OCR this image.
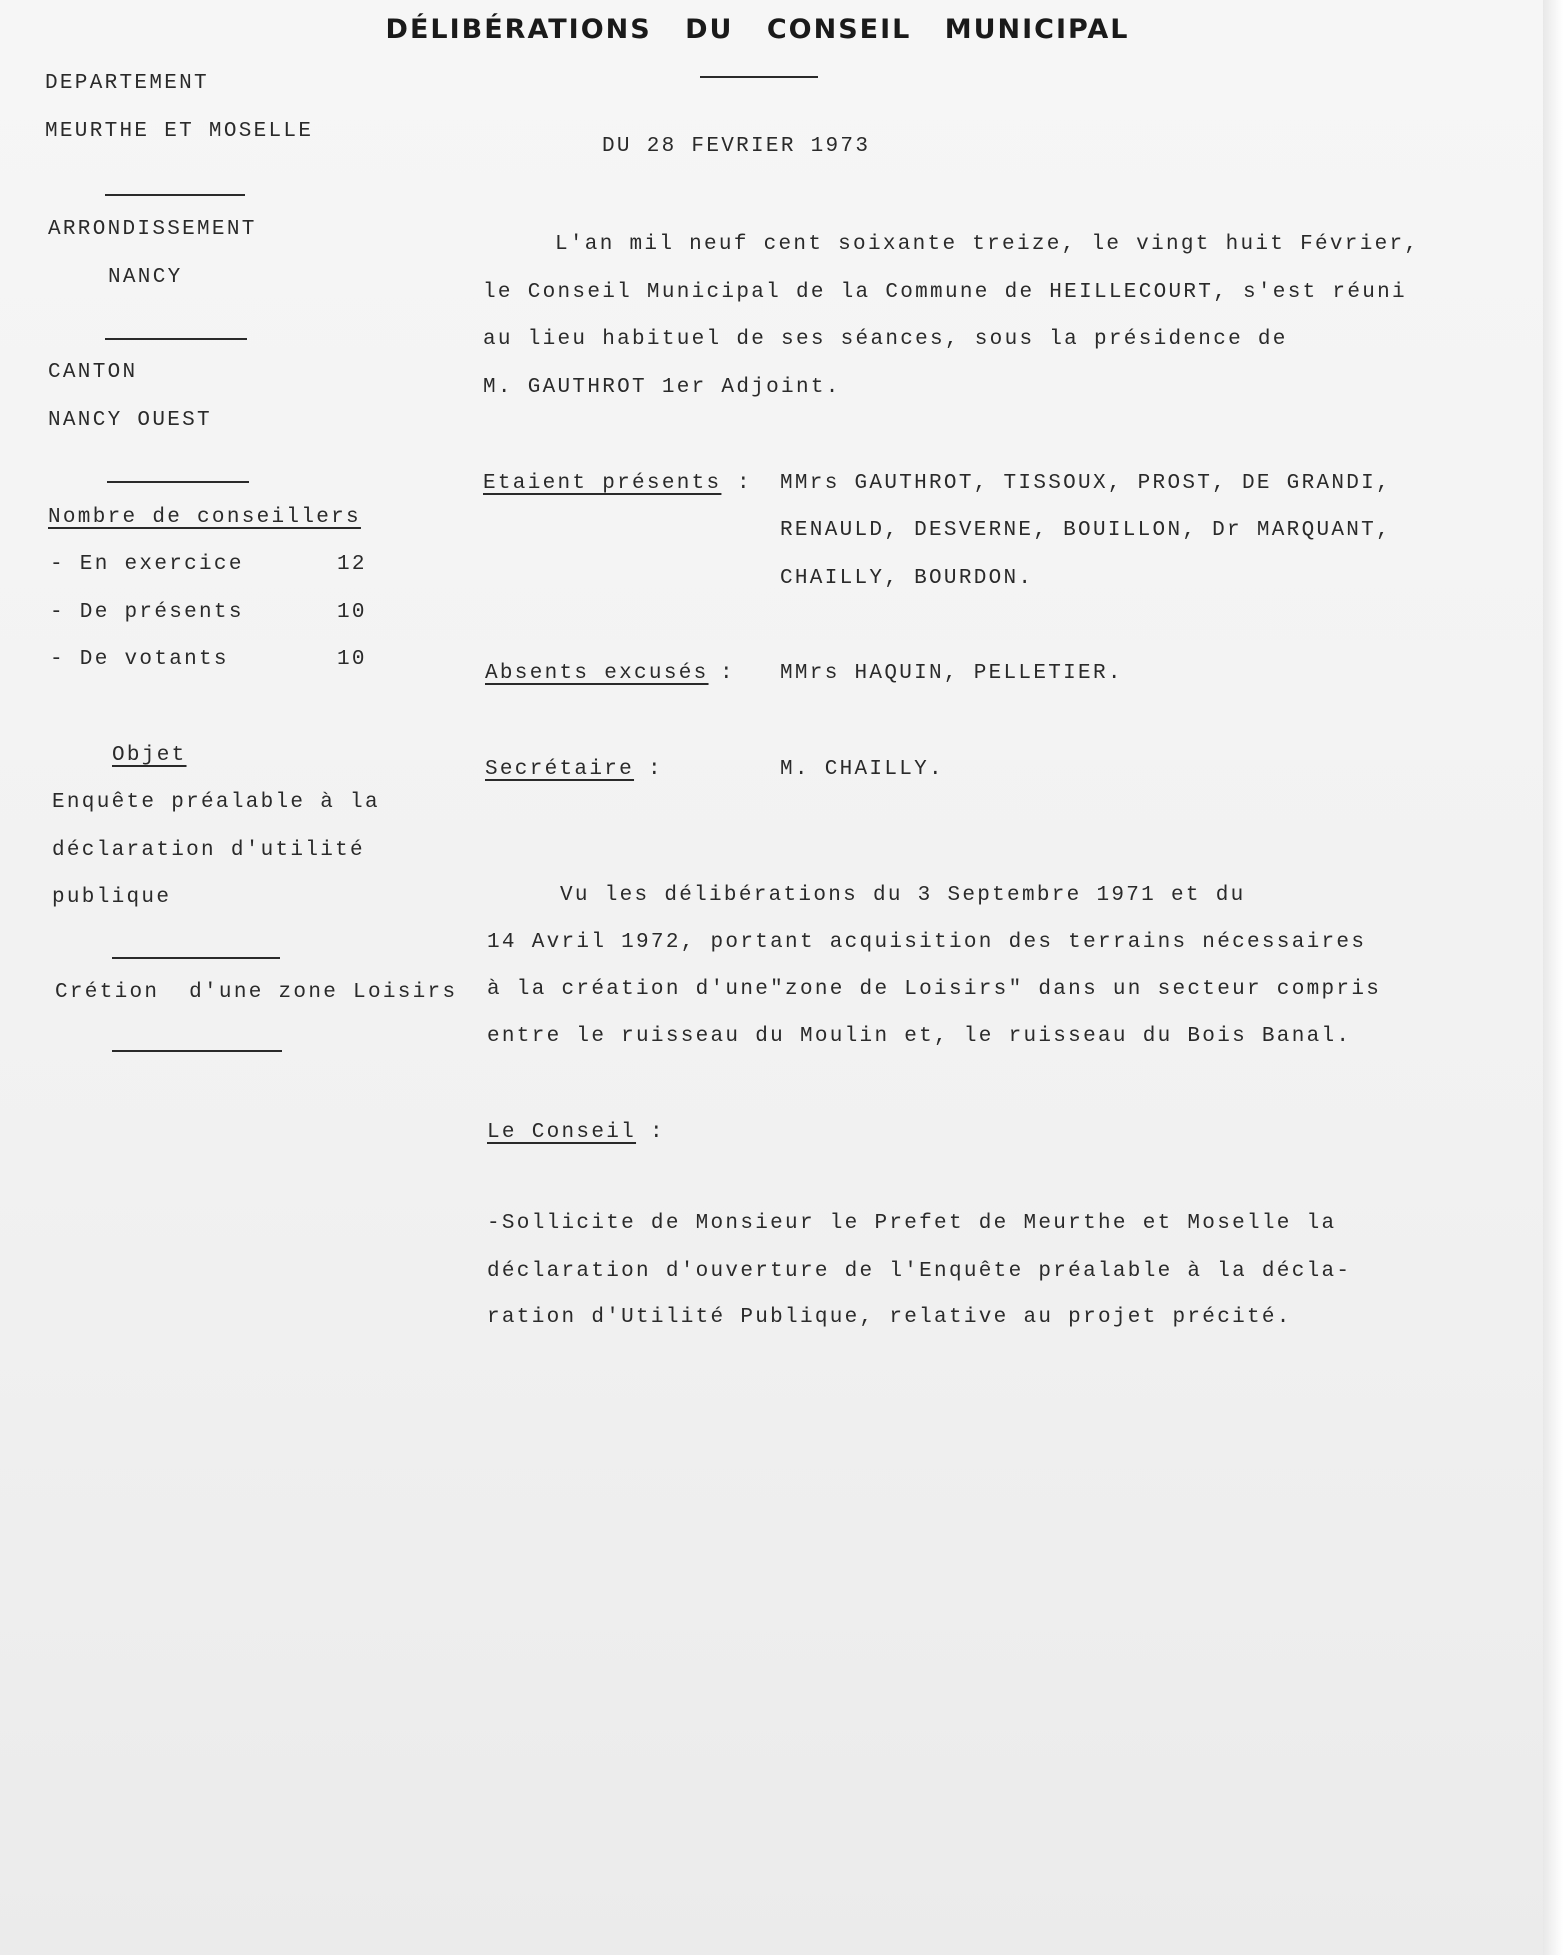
DÉLIBÉRATIONS DU CONSEIL MUNICIPAL
DU 28 FEVRIER 1973
DEPARTEMENT
MEURTHE ET MOSELLE
ARRONDISSEMENT
NANCY
CANTON
NANCY OUEST
Nombre de conseillers
- En exercice	12
- De présents	10
- De votants	10
Objet
Enquête préalable à la
déclaration d'utilité
publique
Crétion  d'une zone Loisirs
L'an mil neuf cent soixante treize, le vingt huit Février,
le Conseil Municipal de la Commune de HEILLECOURT, s'est réuni
au lieu habituel de ses séances, sous la présidence de
M. GAUTHROT 1er Adjoint.
Etaient présents : MMrs GAUTHROT, TISSOUX, PROST, DE GRANDI,
RENAULD, DESVERNE, BOUILLON, Dr MARQUANT,
CHAILLY, BOURDON.
Absents excusés : MMrs HAQUIN, PELLETIER.
Secrétaire :	M. CHAILLY.
Vu les délibérations du 3 Septembre 1971 et du
14 Avril 1972, portant acquisition des terrains nécessaires
à la création d'une"zone de Loisirs" dans un secteur compris
entre le ruisseau du Moulin et, le ruisseau du Bois Banal.
Le Conseil :
-Sollicite de Monsieur le Prefet de Meurthe et Moselle la
déclaration d'ouverture de l'Enquête préalable à la décla-
ration d'Utilité Publique, relative au projet précité.
